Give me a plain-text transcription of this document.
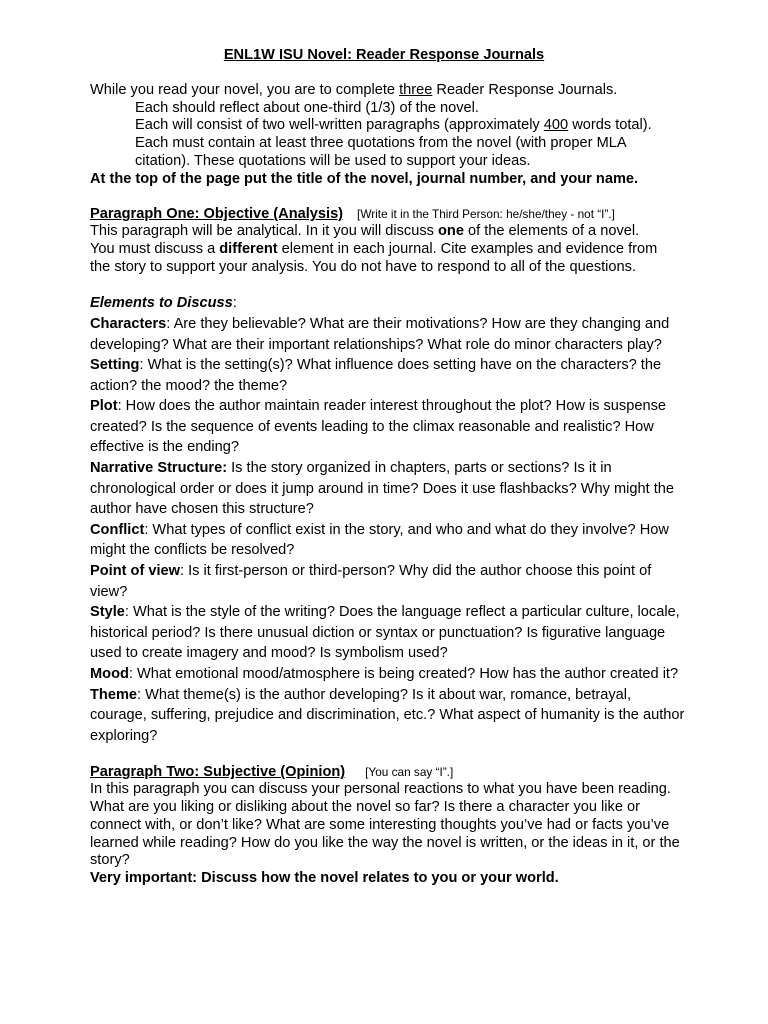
ENL1W ISU Novel: Reader Response Journals
While you read your novel, you are to complete three Reader Response Journals.
Each should reflect about one-third (1/3) of the novel.
Each will consist of two well-written paragraphs (approximately 400 words total).
Each must contain at least three quotations from the novel (with proper MLA
citation). These quotations will be used to support your ideas.
At the top of the page put the title of the novel, journal number, and your name.
Paragraph One: Objective (Analysis) [Write it in the Third Person: he/she/they - not “I”.]
This paragraph will be analytical. In it you will discuss one of the elements of a novel.
You must discuss a different element in each journal. Cite examples and evidence from
the story to support your analysis. You do not have to respond to all of the questions.
Elements to Discuss:
Characters: Are they believable? What are their motivations? How are they changing and developing? What are their important relationships? What role do minor characters play?
Setting: What is the setting(s)? What influence does setting have on the characters? the action? the mood? the theme?
Plot: How does the author maintain reader interest throughout the plot? How is suspense created? Is the sequence of events leading to the climax reasonable and realistic? How effective is the ending?
Narrative Structure: Is the story organized in chapters, parts or sections? Is it in chronological order or does it jump around in time? Does it use flashbacks? Why might the author have chosen this structure?
Conflict: What types of conflict exist in the story, and who and what do they involve? How might the conflicts be resolved?
Point of view: Is it first-person or third-person? Why did the author choose this point of view?
Style: What is the style of the writing? Does the language reflect a particular culture, locale, historical period? Is there unusual diction or syntax or punctuation? Is figurative language used to create imagery and mood? Is symbolism used?
Mood: What emotional mood/atmosphere is being created? How has the author created it?
Theme: What theme(s) is the author developing? Is it about war, romance, betrayal, courage, suffering, prejudice and discrimination, etc.? What aspect of humanity is the author exploring?
Paragraph Two: Subjective (Opinion) [You can say “I”.]
In this paragraph you can discuss your personal reactions to what you have been reading. What are you liking or disliking about the novel so far? Is there a character you like or connect with, or don’t like? What are some interesting thoughts you’ve had or facts you’ve learned while reading? How do you like the way the novel is written, or the ideas in it, or the story?
Very important: Discuss how the novel relates to you or your world.
